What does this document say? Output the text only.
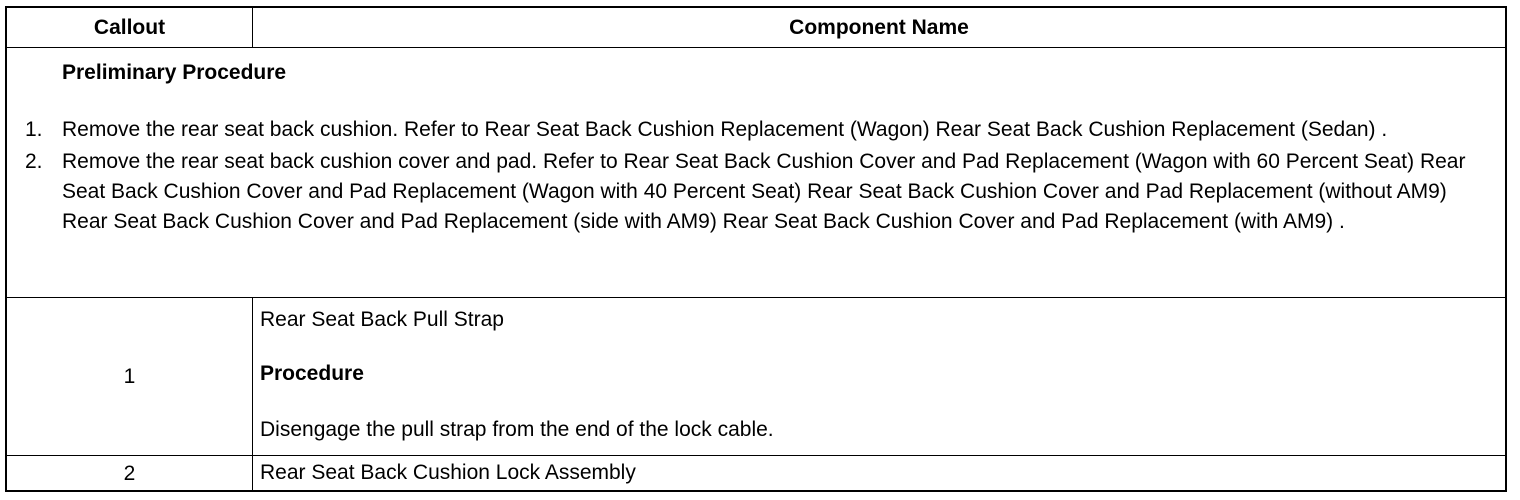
Callout	Component Name
Preliminary Procedure
1. Remove the rear seat back cushion. Refer to Rear Seat Back Cushion Replacement (Wagon) Rear Seat Back Cushion Replacement (Sedan) .
2. Remove the rear seat back cushion cover and pad. Refer to Rear Seat Back Cushion Cover and Pad Replacement (Wagon with 60 Percent Seat) Rear Seat Back Cushion Cover and Pad Replacement (Wagon with 40 Percent Seat) Rear Seat Back Cushion Cover and Pad Replacement (without AM9) Rear Seat Back Cushion Cover and Pad Replacement (side with AM9) Rear Seat Back Cushion Cover and Pad Replacement (with AM9) .
1
Rear Seat Back Pull Strap
Procedure
Disengage the pull strap from the end of the lock cable.
2	Rear Seat Back Cushion Lock Assembly
